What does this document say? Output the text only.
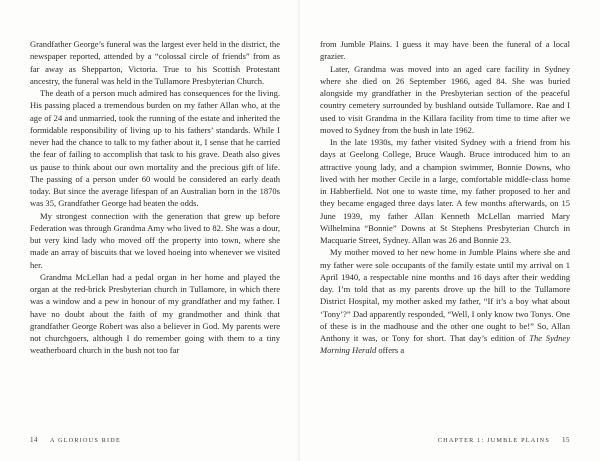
Grandfather George’s funeral was the largest ever held in the district, the newspaper reported, attended by a “colossal circle of friends” from as far away as Shepparton, Victoria. True to his Scottish Protestant ancestry, the funeral was held in the Tullamore Presbyterian Church.

The death of a person much admired has consequences for the living. His passing placed a tremendous burden on my father Allan who, at the age of 24 and unmarried, took the running of the estate and inherited the formidable responsibility of living up to his fathers’ standards. While I never had the chance to talk to my father about it, I sense that he carried the fear of failing to accomplish that task to his grave. Death also gives us pause to think about our own mortality and the precious gift of life. The passing of a person under 60 would be considered an early death today. But since the average lifespan of an Australian born in the 1870s was 35, Grandfather George had beaten the odds.

My strongest connection with the generation that grew up before Federation was through Grandma Amy who lived to 82. She was a dour, but very kind lady who moved off the property into town, where she made an array of biscuits that we loved hoeing into whenever we visited her.

Grandma McLellan had a pedal organ in her home and played the organ at the red-brick Presbyterian church in Tullamore, in which there was a window and a pew in honour of my grandfather and my father. I have no doubt about the faith of my grandmother and think that grandfather George Robert was also a believer in God. My parents were not churchgoers, although I do remember going with them to a tiny weatherboard church in the bush not too far

14 A GLORIOUS RIDE

from Jumble Plains. I guess it may have been the funeral of a local grazier.

Later, Grandma was moved into an aged care facility in Sydney where she died on 26 September 1966, aged 84. She was buried alongside my grandfather in the Presbyterian section of the peaceful country cemetery surrounded by bushland outside Tullamore. Rae and I used to visit Grandma in the Killara facility from time to time after we moved to Sydney from the bush in late 1962.

In the late 1930s, my father visited Sydney with a friend from his days at Geelong College, Bruce Waugh. Bruce introduced him to an attractive young lady, and a champion swimmer, Bonnie Downs, who lived with her mother Cecile in a large, comfortable middle-class home in Habberfield. Not one to waste time, my father proposed to her and they became engaged three days later. A few months afterwards, on 15 June 1939, my father Allan Kenneth McLellan married Mary Wilhelmina “Bonnie” Downs at St Stephens Presbyterian Church in Macquarie Street, Sydney. Allan was 26 and Bonnie 23.

My mother moved to her new home in Jumble Plains where she and my father were sole occupants of the family estate until my arrival on 1 April 1940, a respectable nine months and 16 days after their wedding day. I’m told that as my parents drove up the hill to the Tullamore District Hospital, my mother asked my father, “If it’s a boy what about ‘Tony’?” Dad apparently responded, “Well, I only know two Tonys. One of these is in the madhouse and the other one ought to be!” So, Allan Anthony it was, or Tony for short. That day’s edition of The Sydney Morning Herald offers a

CHAPTER 1: JUMBLE PLAINS 15
